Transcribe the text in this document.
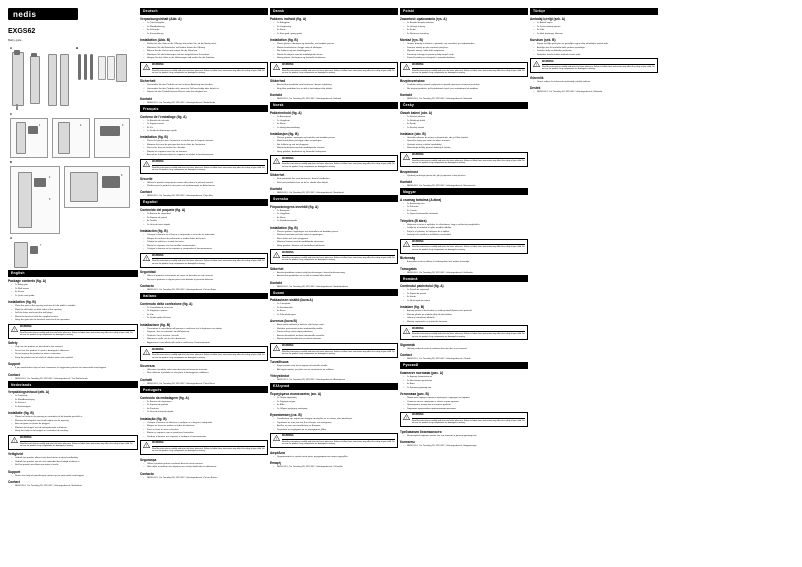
nedis
EXGS62
Baby gate
A	B
C
1	2	3
D
4
5
6
A
7
English
Package contents (fig. A)
• 1x Baby gate
• 2x Wall mount
• 4x Screw
• 1x Quick start guide
Installation (fig. B)
• Place the gate in the opening and check if the width is suitable.
• Mark the drill holes on both sides of the opening.
• Drill the holes and insert the wall plugs.
• Mount the brackets with the supplied screws.
• Hang the gate into the brackets and check the operation.
!
WARNING
Read the instructions carefully and retain for future reference. Failure to follow these instructions may affect the safety of your child. Do not use the product if any components are damaged or missing.
Safety
• Only use the product as described in this manual.
• Do not use the product if a part is damaged or defective.
• Do not expose the product to water or moisture.
• Keep the product out of reach of children when not installed.
Support
• If you need further help or have comments or suggestions please visit www.nedis.com/support
Contact
• NEDIS B.V., De Tweeling 28, 5215 MC 's-Hertogenbosch, The Netherlands
Nederlands
Verpakkingsinhoud (afb. A)
• 1x Traphekje
• 2x Wandbevestiging
• 4x Schroef
• 1x Snelstartgids
Installatie (fig. B)
• Plaats het hekje in de opening en controleer of de breedte geschikt is.
• Markeer de boorgaten aan beide zijden van de opening.
• Boor de gaten en plaats de pluggen.
• Monteer de beugels met de meegeleverde schroeven.
• Hang het hekje in de beugels en controleer de werking.
!
WARNING
Read the instructions carefully and retain for future reference. Failure to follow these instructions may affect the safety of your child. Do not use the product if any components are damaged or missing.
Veiligheid
• Gebruik het product alleen zoals beschreven in deze handleiding.
• Gebruik het product niet als een onderdeel beschadigd of defect is.
• Stel het product niet bloot aan water of vocht.
Support
• Neem voor hulp of opmerkingen contact op via www.nedis.com/support
Contact
• NEDIS B.V., De Tweeling 28, 5215 MC 's-Hertogenbosch, Nederland
Deutsch
Verpackungsinhalt (Abb. A)
• 1x Türschutzgitter
• 2x Wandhalterung
• 4x Schraube
• 1x Kurzanleitung
Installation (Abb. B)
• Stellen Sie das Gitter in die Öffnung und prüfen Sie, ob die Breite passt.
• Markieren Sie die Bohrlöcher auf beiden Seiten der Öffnung.
• Bohren Sie die Löcher und setzen Sie die Dübel ein.
• Montieren Sie die Halterungen mit den mitgelieferten Schrauben.
• Hängen Sie das Gitter in die Halterungen und prüfen Sie die Funktion.
!
WARNING
Read the instructions carefully and retain for future reference. Failure to follow these instructions may affect the safety of your child. Do not use the product if any components are damaged or missing.
Sicherheit
• Verwenden Sie das Produkt nur wie in dieser Anleitung beschrieben.
• Verwenden Sie das Produkt nicht, wenn ein Teil beschädigt oder defekt ist.
• Setzen Sie das Produkt keinem Wasser oder Feuchtigkeit aus.
Kontakt
• NEDIS B.V., De Tweeling 28, 5215 MC 's-Hertogenbosch, Niederlande
Français
Contenu de l'emballage (fig. A)
• 1x Barrière de sécurité
• 2x Support mural
• 4x Vis
• 1x Guide de démarrage rapide
Installation (fig. B)
• Placez la barrière dans l'ouverture et vérifiez que la largeur convient.
• Marquez les trous de perçage des deux côtés de l'ouverture.
• Percez les trous et insérez les chevilles.
• Montez les supports avec les vis fournies.
• Accrochez la barrière dans les supports et vérifiez le fonctionnement.
!
WARNING
Read the instructions carefully and retain for future reference. Failure to follow these instructions may affect the safety of your child. Do not use the product if any components are damaged or missing.
Sécurité
• Utilisez le produit uniquement comme décrit dans le présent manuel.
• N'utilisez pas le produit si une pièce est endommagée ou défectueuse.
Contact
• NEDIS B.V., De Tweeling 28, 5215 MC 's-Hertogenbosch, Pays-Bas
Español
Contenido del paquete (fig. A)
• 1x Barrera de seguridad
• 2x Soporte de pared
• 4x Tornillo
• 1x Guía de inicio rápido
Instalación (fig. B)
• Coloque la barrera en el hueco y compruebe si el ancho es adecuado.
• Marque los orificios de perforación a ambos lados del hueco.
• Taladre los orificios e inserte los tacos.
• Monte los soportes con los tornillos suministrados.
• Cuelgue la barrera en los soportes y compruebe el funcionamiento.
!
WARNING
Read the instructions carefully and retain for future reference. Failure to follow these instructions may affect the safety of your child. Do not use the product if any components are damaged or missing.
Seguridad
• Utilice el producto únicamente tal como se describe en este manual.
• No use el producto si alguna pieza está dañada o presenta defectos.
Contacto
• NEDIS B.V., De Tweeling 28, 5215 MC 's-Hertogenbosch, Países Bajos
Italiano
Contenuto della confezione (fig. A)
• 1x Cancelletto di sicurezza
• 2x Supporto a parete
• 4x Vite
• 1x Guida rapida all'avvio
Installazione (fig. B)
• Posizionare il cancelletto nell'apertura e verificare che la larghezza sia adatta.
• Segnare i fori su entrambi i lati dell'apertura.
• Praticare i fori e inserire i tasselli.
• Montare le staffe con le viti in dotazione.
• Agganciare il cancelletto alle staffe e verificarne il funzionamento.
!
WARNING
Read the instructions carefully and retain for future reference. Failure to follow these instructions may affect the safety of your child. Do not use the product if any components are damaged or missing.
Sicurezza
• Utilizzare il prodotto solo come descritto nel presente manuale.
• Non utilizzare il prodotto se una parte è danneggiata o difettosa.
Contatti
• NEDIS B.V., De Tweeling 28, 5215 MC 's-Hertogenbosch, Paesi Bassi
Português
Conteúdo da embalagem (fig. A)
• 1x Barreira de segurança
• 2x Suporte de parede
• 4x Parafuso
• 1x Guia de iniciação rápida
Instalação (fig. B)
• Coloque a barreira na abertura e verifique se a largura é adequada.
• Marque os furos em ambos os lados da abertura.
• Faça os furos e insira as buchas.
• Monte os suportes com os parafusos fornecidos.
• Pendure a barreira nos suportes e verifique o funcionamento.
!
WARNING
Read the instructions carefully and retain for future reference. Failure to follow these instructions may affect the safety of your child. Do not use the product if any components are damaged or missing.
Segurança
• Utilize o produto apenas conforme descrito neste manual.
• Não utilize o produto caso alguma peça esteja danificada ou defeituosa.
Contacto
• NEDIS B.V., De Tweeling 28, 5215 MC 's-Hertogenbosch, Países Baixos
Dansk
Pakkens indhold (fig. A)
• 1x Babygitter
• 2x Vægbeslag
• 4x Skrue
• 1x Kom godt i gang-guide
Installation (fig. B)
• Placer gitteret i åbningen og kontroller, om bredden passer.
• Marker borehullerne i begge sider af åbningen.
• Bor hullerne og sæt rawlpluggene i.
• Monter beslagene med de medfølgende skruer.
• Hæng gitteret i beslagene og kontroller funktionen.
!
WARNING
Read the instructions carefully and retain for future reference. Failure to follow these instructions may affect the safety of your child. Do not use the product if any components are damaged or missing.
Sikkerhed
• Anvend kun produktet som beskrevet i denne vejledning.
• Brug ikke produktet hvis en del er beskadiget eller defekt.
Kontakt
• NEDIS B.V., De Tweeling 28, 5215 MC 's-Hertogenbosch, Holland
Norsk
Pakkeinnhold (fig. A)
• 1x Barnegrind
• 2x Veggfeste
• 4x Skrue
• 1x Hurtigstartveiledning
Installasjon (fig. B)
• Plasser grinden i åpningen og kontroller om bredden passer.
• Merk borehullene på begge sider av åpningen.
• Bor hullene og sett inn pluggene.
• Monter brakettene med de medfølgende skruene.
• Heng grinden i brakettene og kontroller funksjonen.
!
WARNING
Read the instructions carefully and retain for future reference. Failure to follow these instructions may affect the safety of your child. Do not use the product if any components are damaged or missing.
Sikkerhet
• Bruk produktet kun som beskrevet i denne håndboken.
• Ikke bruk produktet hvis en del er skadet eller defekt.
Kontakt
• NEDIS B.V., De Tweeling 28, 5215 MC 's-Hertogenbosch, Nederland
Svenska
Förpackningens innehåll (fig. A)
• 1x Barngrind
• 2x Väggfäste
• 4x Skruv
• 1x Snabbstartsguide
Installation (fig. B)
• Placera grinden i öppningen och kontrollera att bredden passar.
• Markera borrhålen på båda sidor av öppningen.
• Borra hålen och sätt i pluggarna.
• Montera fästena med de medföljande skruvarna.
• Häng grinden i fästena och kontrollera funktionen.
!
WARNING
Read the instructions carefully and retain for future reference. Failure to follow these instructions may affect the safety of your child. Do not use the product if any components are damaged or missing.
Säkerhet
• Använd produkten endast enligt beskrivningen i denna bruksanvisning.
• Använd inte produkten om en del är skadad eller defekt.
Kontakt
• NEDIS B.V., De Tweeling 28, 5215 MC 's-Hertogenbosch, Nederländerna
Suomi
Pakkauksen sisältö (kuva A)
• 1x Turvaportti
• 2x Seinäkiinnike
• 4x Ruuvi
• 1x Pika-aloitusopas
Asennus (kuva B)
• Aseta portti aukkoon ja tarkista, että leveys sopii.
• Merkitse porausreiät aukon molemmille puolille.
• Poraa reiät ja aseta tulpat paikalleen.
• Asenna kiinnikkeet mukana toimitetuilla ruuveilla.
• Ripusta portti kiinnikkeisiin ja tarkista toiminta.
!
WARNING
Read the instructions carefully and retain for future reference. Failure to follow these instructions may affect the safety of your child. Do not use the product if any components are damaged or missing.
Turvallisuus
• Käytä tuotetta vain tässä oppaassa kuvatulla tavalla.
• Älä käytä tuotetta, jos jokin osa on vaurioitunut tai viallinen.
Yhteystiedot
• NEDIS B.V., De Tweeling 28, 5215 MC 's-Hertogenbosch, Alankomaat
Ελληνικά
Περιεχόμενα συσκευασίας (εικ. A)
• 1x Πόρτα ασφαλείας
• 2x Στήριγμα τοίχου
• 4x Βίδα
• 1x Οδηγός γρήγορης εκκίνησης
Εγκατάσταση (εικ. B)
• Τοποθετήστε την πόρτα στο άνοιγμα και ελέγξτε αν το πλάτος είναι κατάλληλο.
• Σημειώστε τις οπές και στις δύο πλευρές του ανοίγματος.
• Ανοίξτε τις οπές και τοποθετήστε τα βύσματα.
• Στερεώστε τα στηρίγματα με τις παρεχόμενες βίδες.
!
WARNING
Read the instructions carefully and retain for future reference. Failure to follow these instructions may affect the safety of your child. Do not use the product if any components are damaged or missing.
Ασφάλεια
• Χρησιμοποιείτε το προϊόν μόνο όπως περιγράφεται στο παρόν εγχειρίδιο.
Επαφή
• NEDIS B.V., De Tweeling 28, 5215 MC 's-Hertogenbosch, Ολλανδία
Polski
Zawartość opakowania (rys. A)
• 1x Bramka bezpieczeństwa
• 2x Uchwyt ścienny
• 4x Śruba
• 1x Skrócona instrukcja
Montaż (rys. B)
• Umieść bramkę w otworze i sprawdź, czy szerokość jest odpowiednia.
• Zaznacz otwory po obu stronach przejścia.
• Wywierć otwory i włóż kołki rozporowe.
• Zamontuj uchwyty za pomocą dołączonych śrub.
• Zawieś bramkę na uchwytach i sprawdź działanie.
!
WARNING
Read the instructions carefully and retain for future reference. Failure to follow these instructions may affect the safety of your child. Do not use the product if any components are damaged or missing.
Bezpieczeństwo
• Produktu należy używać wyłącznie w sposób opisany w niniejszej instrukcji.
• Nie używaj produktu, jeśli jakakolwiek część jest uszkodzona lub wadliwa.
Kontakt
• NEDIS B.V., De Tweeling 28, 5215 MC 's-Hertogenbosch, Holandia
Česky
Obsah balení (obr. A)
• 1x Dětská zábrana
• 2x Nástěnný držák
• 4x Šroub
• 1x Stručný návod
Instalace (obr. B)
• Umístěte zábranu do otvoru a zkontrolujte, zda je šířka vhodná.
• Vyznačte otvory pro vrtání na obou stranách.
• Vyvrtejte otvory a vložte hmoždinky.
• Namontujte držáky pomocí dodaných šroubů.
!
WARNING
Read the instructions carefully and retain for future reference. Failure to follow these instructions may affect the safety of your child. Do not use the product if any components are damaged or missing.
Bezpečnost
• Výrobek používejte pouze tak, jak je popsáno v této příručce.
Kontakt
• NEDIS B.V., De Tweeling 28, 5215 MC 's-Hertogenbosch, Nizozemsko
Magyar
A csomag tartalma (A ábra)
• 1x Biztonsági rács
• 2x Fali tartó
• 4x Csavar
• 1x Gyors beüzemelési útmutató
Telepítés (B ábra)
• Helyezze a rácsot a nyílásba, és ellenőrizze, hogy a szélesség megfelelő-e.
• Jelölje be a furatokat a nyílás mindkét oldalán.
• Fúrja ki a lyukakat, és helyezze be a tipliket.
• Szerelje fel a tartókat a mellékelt csavarokkal.
!
WARNING
Read the instructions carefully and retain for future reference. Failure to follow these instructions may affect the safety of your child. Do not use the product if any components are damaged or missing.
Biztonság
• A terméket csak az ebben a kézikönyvben leírt módon használja.
Támogatás
• NEDIS B.V., De Tweeling 28, 5215 MC 's-Hertogenbosch, Hollandia
Română
Conținutul pachetului (fig. A)
• 1x Poartă de siguranță
• 2x Suport de perete
• 4x Șurub
• 1x Ghid rapid de inițiere
Instalare (fig. B)
• Așezați poarta în deschidere și verificați dacă lățimea este potrivită.
• Marcați găurile pe ambele părți ale deschiderii.
• Găuriți și introduceți diblurile.
• Montați suporturile cu șuruburile furnizate.
!
WARNING
Read the instructions carefully and retain for future reference. Failure to follow these instructions may affect the safety of your child. Do not use the product if any components are damaged or missing.
Siguranță
• Utilizați produsul exclusiv conform descrierii din acest manual.
Contact
• NEDIS B.V., De Tweeling 28, 5215 MC 's-Hertogenbosch, Olanda
Русский
Комплект поставки (рис. A)
• 1x Барьер безопасности
• 2x Настенное крепление
• 4x Винт
• 1x Краткое руководство
Установка (рис. B)
• Поместите барьер в проем и проверьте, подходит ли ширина.
• Отметьте места сверления с обеих сторон проема.
• Просверлите отверстия и вставьте дюбели.
• Закрепите кронштейны прилагаемыми винтами.
!
WARNING
Read the instructions carefully and retain for future reference. Failure to follow these instructions may affect the safety of your child. Do not use the product if any components are damaged or missing.
Требования безопасности
• Используйте изделие только так, как описано в данном руководстве.
Контакты
• NEDIS B.V., De Tweeling 28, 5215 MC 's-Hertogenbosch, Нидерланды
Türkçe
Ambalaj içeriği (şek. A)
• 1x Bebek kapısı
• 2x Duvar montaj aparatı
• 4x Vida
• 1x Hızlı başlangıç kılavuzu
Kurulum (şek. B)
• Kapıyı açıklığa yerleştirin ve genişliğin uygun olup olmadığını kontrol edin.
• Açıklığın her iki tarafında delik yerlerini işaretleyin.
• Delikleri delin ve dübelleri yerleştirin.
• Braketleri ürünle verilen vidalarla monte edin.
!
WARNING
Read the instructions carefully and retain for future reference. Failure to follow these instructions may affect the safety of your child. Do not use the product if any components are damaged or missing.
Güvenlik
• Ürünü sadece bu kılavuzda açıklandığı şekilde kullanın.
Destek
• NEDIS B.V., De Tweeling 28, 5215 MC 's-Hertogenbosch, Hollanda
